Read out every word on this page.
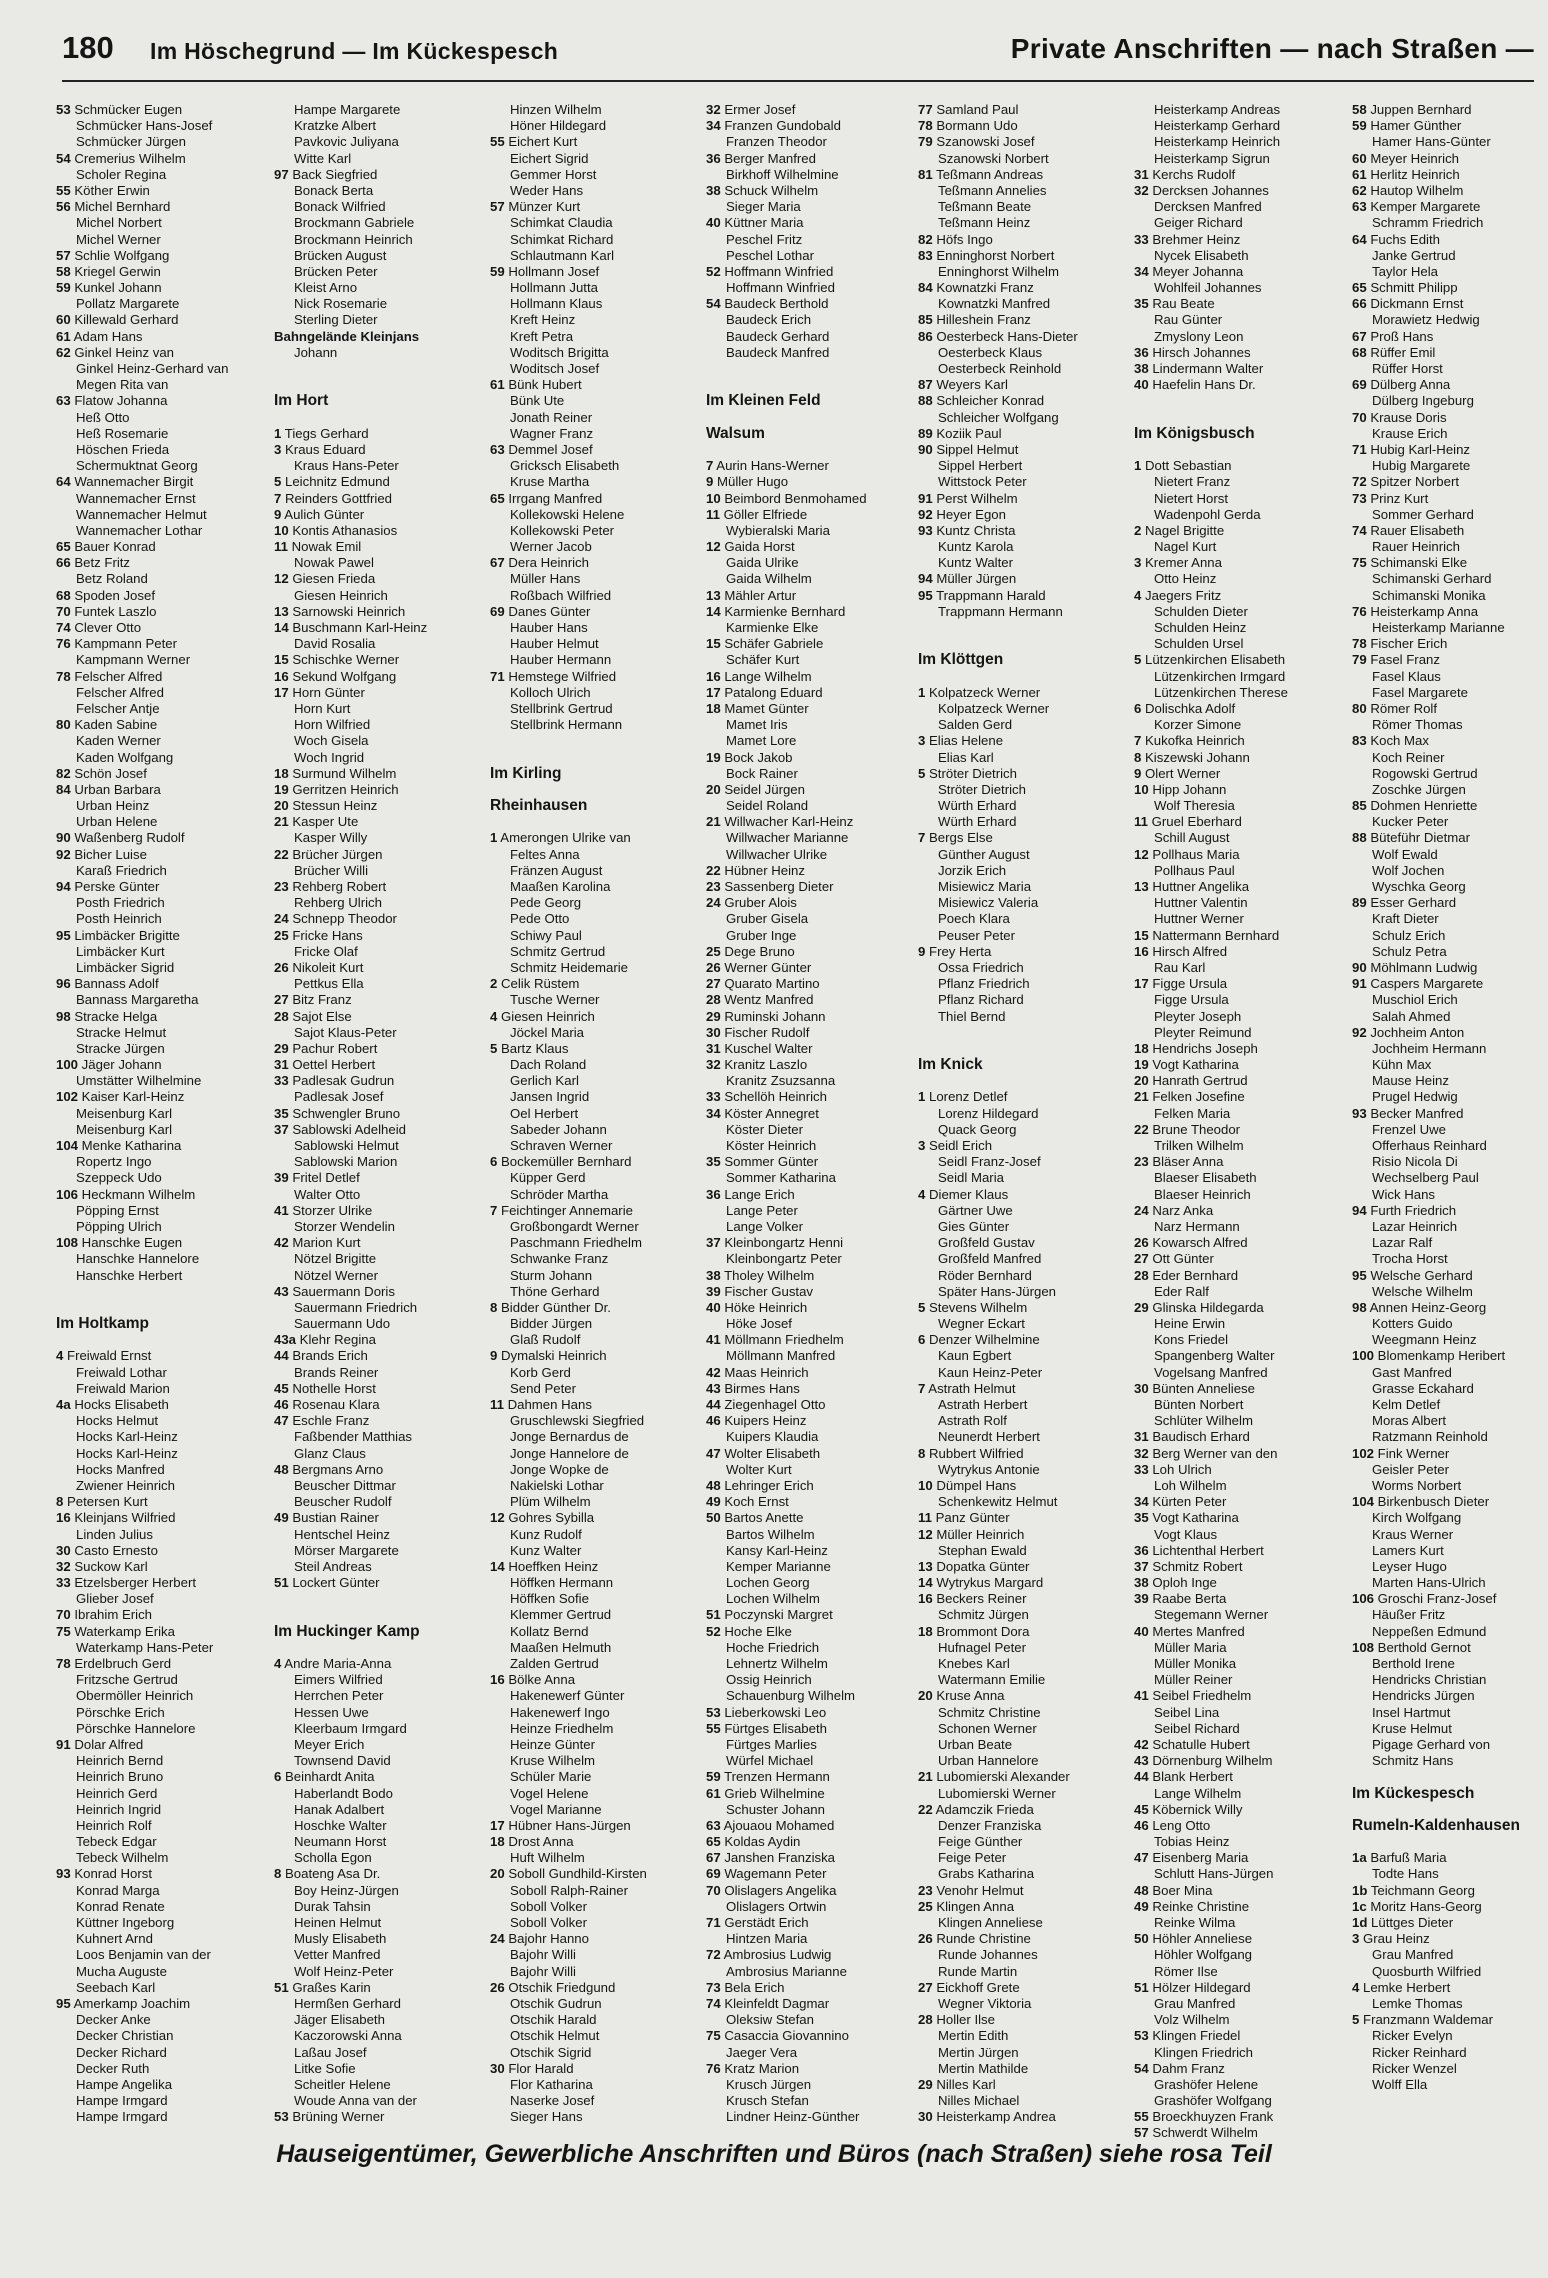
180 Im Höschegrund — Im Kückespesch	Private Anschriften — nach Straßen —
53 Schmücker Eugen
Schmücker Hans-Josef
Schmücker Jürgen
54 Cremerius Wilhelm
Scholer Regina
55 Köther Erwin
56 Michel Bernhard
Michel Norbert
Michel Werner
57 Schlie Wolfgang
58 Kriegel Gerwin
59 Kunkel Johann
Pollatz Margarete
60 Killewald Gerhard
61 Adam Hans
62 Ginkel Heinz van
Ginkel Heinz-Gerhard van
Megen Rita van
63 Flatow Johanna
Heß Otto
Heß Rosemarie
Höschen Frieda
Schermuktnat Georg
64 Wannemacher Birgit
Wannemacher Ernst
Wannemacher Helmut
Wannemacher Lothar
65 Bauer Konrad
66 Betz Fritz
Betz Roland
68 Spoden Josef
70 Funtek Laszlo
74 Clever Otto
76 Kampmann Peter
Kampmann Werner
78 Felscher Alfred
Felscher Alfred
Felscher Antje
80 Kaden Sabine
Kaden Werner
Kaden Wolfgang
82 Schön Josef
84 Urban Barbara
Urban Heinz
Urban Helene
90 Waßenberg Rudolf
92 Bicher Luise
Karaß Friedrich
94 Perske Günter
Posth Friedrich
Posth Heinrich
95 Limbäcker Brigitte
Limbäcker Kurt
Limbäcker Sigrid
96 Bannass Adolf
Bannass Margaretha
98 Stracke Helga
Stracke Helmut
Stracke Jürgen
100 Jäger Johann
Umstätter Wilhelmine
102 Kaiser Karl-Heinz
Meisenburg Karl
Meisenburg Karl
104 Menke Katharina
Ropertz Ingo
Szeppeck Udo
106 Heckmann Wilhelm
Pöpping Ernst
Pöpping Ulrich
108 Hanschke Eugen
Hanschke Hannelore
Hanschke Herbert
Im Holtkamp
4 Freiwald Ernst
Freiwald Lothar
Freiwald Marion
4a Hocks Elisabeth
Hocks Helmut
Hocks Karl-Heinz
Hocks Karl-Heinz
Hocks Manfred
Zwiener Heinrich
8 Petersen Kurt
16 Kleinjans Wilfried
Linden Julius
30 Casto Ernesto
32 Suckow Karl
33 Etzelsberger Herbert
Glieber Josef
70 Ibrahim Erich
75 Waterkamp Erika
Waterkamp Hans-Peter
78 Erdelbruch Gerd
Fritzsche Gertrud
Obermöller Heinrich
Pörschke Erich
Pörschke Hannelore
91 Dolar Alfred
Heinrich Bernd
Heinrich Bruno
Heinrich Gerd
Heinrich Ingrid
Heinrich Rolf
Tebeck Edgar
Tebeck Wilhelm
93 Konrad Horst
Konrad Marga
Konrad Renate
Küttner Ingeborg
Kuhnert Arnd
Loos Benjamin van der
Mucha Auguste
Seebach Karl
95 Amerkamp Joachim
Decker Anke
Decker Christian
Decker Richard
Decker Ruth
Hampe Angelika
Hampe Irmgard
Hampe Irmgard
Hampe Margarete
Kratzke Albert
Pavkovic Juliyana
Witte Karl
97 Back Siegfried
Bonack Berta
Bonack Wilfried
Brockmann Gabriele
Brockmann Heinrich
Brücken August
Brücken Peter
Kleist Arno
Nick Rosemarie
Sterling Dieter
Bahngelände Kleinjans
Johann
Im Hort
1 Tiegs Gerhard
3 Kraus Eduard
Kraus Hans-Peter
5 Leichnitz Edmund
7 Reinders Gottfried
9 Aulich Günter
10 Kontis Athanasios
11 Nowak Emil
Nowak Pawel
12 Giesen Frieda
Giesen Heinrich
13 Sarnowski Heinrich
14 Buschmann Karl-Heinz
David Rosalia
15 Schischke Werner
16 Sekund Wolfgang
17 Horn Günter
Horn Kurt
Horn Wilfried
Woch Gisela
Woch Ingrid
18 Surmund Wilhelm
19 Gerritzen Heinrich
20 Stessun Heinz
21 Kasper Ute
Kasper Willy
22 Brücher Jürgen
Brücher Willi
23 Rehberg Robert
Rehberg Ulrich
24 Schnepp Theodor
25 Fricke Hans
Fricke Olaf
26 Nikoleit Kurt
Pettkus Ella
27 Bitz Franz
28 Sajot Else
Sajot Klaus-Peter
29 Pachur Robert
31 Oettel Herbert
33 Padlesak Gudrun
Padlesak Josef
35 Schwengler Bruno
37 Sablowski Adelheid
Sablowski Helmut
Sablowski Marion
39 Fritel Detlef
Walter Otto
41 Storzer Ulrike
Storzer Wendelin
42 Marion Kurt
Nötzel Brigitte
Nötzel Werner
43 Sauermann Doris
Sauermann Friedrich
Sauermann Udo
43a Klehr Regina
44 Brands Erich
Brands Reiner
45 Nothelle Horst
46 Rosenau Klara
47 Eschle Franz
Faßbender Matthias
Glanz Claus
48 Bergmans Arno
Beuscher Dittmar
Beuscher Rudolf
49 Bustian Rainer
Hentschel Heinz
Mörser Margarete
Steil Andreas
51 Lockert Günter
Im Huckinger Kamp
4 Andre Maria-Anna
Eimers Wilfried
Herrchen Peter
Hessen Uwe
Kleerbaum Irmgard
Meyer Erich
Townsend David
6 Beinhardt Anita
Haberlandt Bodo
Hanak Adalbert
Hoschke Walter
Neumann Horst
Scholla Egon
8 Boateng Asa Dr.
Boy Heinz-Jürgen
Durak Tahsin
Heinen Helmut
Musly Elisabeth
Vetter Manfred
Wolf Heinz-Peter
51 Graßes Karin
Hermßen Gerhard
Jäger Elisabeth
Kaczorowski Anna
Laßau Josef
Litke Sofie
Scheitler Helene
Woude Anna van der
53 Brüning Werner
Hinzen Wilhelm
Höner Hildegard
55 Eichert Kurt
Eichert Sigrid
Gemmer Horst
Weder Hans
57 Münzer Kurt
Schimkat Claudia
Schimkat Richard
Schlautmann Karl
59 Hollmann Josef
Hollmann Jutta
Hollmann Klaus
Kreft Heinz
Kreft Petra
Woditsch Brigitta
Woditsch Josef
61 Bünk Hubert
Bünk Ute
Jonath Reiner
Wagner Franz
63 Demmel Josef
Gricksch Elisabeth
Kruse Martha
65 Irrgang Manfred
Kollekowski Helene
Kollekowski Peter
Werner Jacob
67 Dera Heinrich
Müller Hans
Roßbach Wilfried
69 Danes Günter
Hauber Hans
Hauber Helmut
Hauber Hermann
71 Hemstege Wilfried
Kolloch Ulrich
Stellbrink Gertrud
Stellbrink Hermann
Im Kirling
Rheinhausen
1 Amerongen Ulrike van
Feltes Anna
Fränzen August
Maaßen Karolina
Pede Georg
Pede Otto
Schiwy Paul
Schmitz Gertrud
Schmitz Heidemarie
2 Celik Rüstem
Tusche Werner
4 Giesen Heinrich
Jöckel Maria
5 Bartz Klaus
Dach Roland
Gerlich Karl
Jansen Ingrid
Oel Herbert
Sabeder Johann
Schraven Werner
6 Bockemüller Bernhard
Küpper Gerd
Schröder Martha
7 Feichtinger Annemarie
Großbongardt Werner
Paschmann Friedhelm
Schwanke Franz
Sturm Johann
Thöne Gerhard
8 Bidder Günther Dr.
Bidder Jürgen
Glaß Rudolf
9 Dymalski Heinrich
Korb Gerd
Send Peter
11 Dahmen Hans
Gruschlewski Siegfried
Jonge Bernardus de
Jonge Hannelore de
Jonge Wopke de
Nakielski Lothar
Plüm Wilhelm
12 Gohres Sybilla
Kunz Rudolf
Kunz Walter
14 Hoeffken Heinz
Höffken Hermann
Höffken Sofie
Klemmer Gertrud
Kollatz Bernd
Maaßen Helmuth
Zalden Gertrud
16 Bölke Anna
Hakenewerf Günter
Hakenewerf Ingo
Heinze Friedhelm
Heinze Günter
Kruse Wilhelm
Schüler Marie
Vogel Helene
Vogel Marianne
17 Hübner Hans-Jürgen
18 Drost Anna
Huft Wilhelm
20 Soboll Gundhild-Kirsten
Soboll Ralph-Rainer
Soboll Volker
Soboll Volker
24 Bajohr Hanno
Bajohr Willi
Bajohr Willi
26 Otschik Friedgund
Otschik Gudrun
Otschik Harald
Otschik Helmut
Otschik Sigrid
30 Flor Harald
Flor Katharina
Naserke Josef
Sieger Hans
32 Ermer Josef
34 Franzen Gundobald
Franzen Theodor
36 Berger Manfred
Birkhoff Wilhelmine
38 Schuck Wilhelm
Sieger Maria
40 Küttner Maria
Peschel Fritz
Peschel Lothar
52 Hoffmann Winfried
Hoffmann Winfried
54 Baudeck Berthold
Baudeck Erich
Baudeck Gerhard
Baudeck Manfred
Im Kleinen Feld
Walsum
7 Aurin Hans-Werner
9 Müller Hugo
10 Beimbord Benmohamed
11 Göller Elfriede
Wybieralski Maria
12 Gaida Horst
Gaida Ulrike
Gaida Wilhelm
13 Mähler Artur
14 Karmienke Bernhard
Karmienke Elke
15 Schäfer Gabriele
Schäfer Kurt
16 Lange Wilhelm
17 Patalong Eduard
18 Mamet Günter
Mamet Iris
Mamet Lore
19 Bock Jakob
Bock Rainer
20 Seidel Jürgen
Seidel Roland
21 Willwacher Karl-Heinz
Willwacher Marianne
Willwacher Ulrike
22 Hübner Heinz
23 Sassenberg Dieter
24 Gruber Alois
Gruber Gisela
Gruber Inge
25 Dege Bruno
26 Werner Günter
27 Quarato Martino
28 Wentz Manfred
29 Ruminski Johann
30 Fischer Rudolf
31 Kuschel Walter
32 Kranitz Laszlo
Kranitz Zsuzsanna
33 Schellöh Heinrich
34 Köster Annegret
Köster Dieter
Köster Heinrich
35 Sommer Günter
Sommer Katharina
36 Lange Erich
Lange Peter
Lange Volker
37 Kleinbongartz Henni
Kleinbongartz Peter
38 Tholey Wilhelm
39 Fischer Gustav
40 Höke Heinrich
Höke Josef
41 Möllmann Friedhelm
Möllmann Manfred
42 Maas Heinrich
43 Birmes Hans
44 Ziegenhagel Otto
46 Kuipers Heinz
Kuipers Klaudia
47 Wolter Elisabeth
Wolter Kurt
48 Lehringer Erich
49 Koch Ernst
50 Bartos Anette
Bartos Wilhelm
Kansy Karl-Heinz
Kemper Marianne
Lochen Georg
Lochen Wilhelm
51 Poczynski Margret
52 Hoche Elke
Hoche Friedrich
Lehnertz Wilhelm
Ossig Heinrich
Schauenburg Wilhelm
53 Lieberkowski Leo
55 Fürtges Elisabeth
Fürtges Marlies
Würfel Michael
59 Trenzen Hermann
61 Grieb Wilhelmine
Schuster Johann
63 Ajouaou Mohamed
65 Koldas Aydin
67 Janshen Franziska
69 Wagemann Peter
70 Olislagers Angelika
Olislagers Ortwin
71 Gerstädt Erich
Hintzen Maria
72 Ambrosius Ludwig
Ambrosius Marianne
73 Bela Erich
74 Kleinfeldt Dagmar
Oleksiw Stefan
75 Casaccia Giovannino
Jaeger Vera
76 Kratz Marion
Krusch Jürgen
Krusch Stefan
Lindner Heinz-Günther
77 Samland Paul
78 Bormann Udo
79 Szanowski Josef
Szanowski Norbert
81 Teßmann Andreas
Teßmann Annelies
Teßmann Beate
Teßmann Heinz
82 Höfs Ingo
83 Enninghorst Norbert
Enninghorst Wilhelm
84 Kownatzki Franz
Kownatzki Manfred
85 Hilleshein Franz
86 Oesterbeck Hans-Dieter
Oesterbeck Klaus
Oesterbeck Reinhold
87 Weyers Karl
88 Schleicher Konrad
Schleicher Wolfgang
89 Koziik Paul
90 Sippel Helmut
Sippel Herbert
Wittstock Peter
91 Perst Wilhelm
92 Heyer Egon
93 Kuntz Christa
Kuntz Karola
Kuntz Walter
94 Müller Jürgen
95 Trappmann Harald
Trappmann Hermann
Im Klöttgen
1 Kolpatzeck Werner
Kolpatzeck Werner
Salden Gerd
3 Elias Helene
Elias Karl
5 Ströter Dietrich
Ströter Dietrich
Würth Erhard
Würth Erhard
7 Bergs Else
Günther August
Jorzik Erich
Misiewicz Maria
Misiewicz Valeria
Poech Klara
Peuser Peter
9 Frey Herta
Ossa Friedrich
Pflanz Friedrich
Pflanz Richard
Thiel Bernd
Im Knick
1 Lorenz Detlef
Lorenz Hildegard
Quack Georg
3 Seidl Erich
Seidl Franz-Josef
Seidl Maria
4 Diemer Klaus
Gärtner Uwe
Gies Günter
Großfeld Gustav
Großfeld Manfred
Röder Bernhard
Später Hans-Jürgen
5 Stevens Wilhelm
Wegner Eckart
6 Denzer Wilhelmine
Kaun Egbert
Kaun Heinz-Peter
7 Astrath Helmut
Astrath Herbert
Astrath Rolf
Neunerdt Herbert
8 Rubbert Wilfried
Wytrykus Antonie
10 Dümpel Hans
Schenkewitz Helmut
11 Panz Günter
12 Müller Heinrich
Stephan Ewald
13 Dopatka Günter
14 Wytrykus Margard
16 Beckers Reiner
Schmitz Jürgen
18 Brommont Dora
Hufnagel Peter
Knebes Karl
Watermann Emilie
20 Kruse Anna
Schmitz Christine
Schonen Werner
Urban Beate
Urban Hannelore
21 Lubomierski Alexander
Lubomierski Werner
22 Adamczik Frieda
Denzer Franziska
Feige Günther
Feige Peter
Grabs Katharina
23 Venohr Helmut
25 Klingen Anna
Klingen Anneliese
26 Runde Christine
Runde Johannes
Runde Martin
27 Eickhoff Grete
Wegner Viktoria
28 Holler Ilse
Mertin Edith
Mertin Jürgen
Mertin Mathilde
29 Nilles Karl
Nilles Michael
30 Heisterkamp Andrea
Heisterkamp Andreas
Heisterkamp Gerhard
Heisterkamp Heinrich
Heisterkamp Sigrun
31 Kerchs Rudolf
32 Dercksen Johannes
Dercksen Manfred
Geiger Richard
33 Brehmer Heinz
Nycek Elisabeth
34 Meyer Johanna
Wohlfeil Johannes
35 Rau Beate
Rau Günter
Zmyslony Leon
36 Hirsch Johannes
38 Lindermann Walter
40 Haefelin Hans Dr.
Im Königsbusch
1 Dott Sebastian
Nietert Franz
Nietert Horst
Wadenpohl Gerda
2 Nagel Brigitte
Nagel Kurt
3 Kremer Anna
Otto Heinz
4 Jaegers Fritz
Schulden Dieter
Schulden Heinz
Schulden Ursel
5 Lützenkirchen Elisabeth
Lützenkirchen Irmgard
Lützenkirchen Therese
6 Dolischka Adolf
Korzer Simone
7 Kukofka Heinrich
8 Kiszewski Johann
9 Olert Werner
10 Hipp Johann
Wolf Theresia
11 Gruel Eberhard
Schill August
12 Pollhaus Maria
Pollhaus Paul
13 Huttner Angelika
Huttner Valentin
Huttner Werner
15 Nattermann Bernhard
16 Hirsch Alfred
Rau Karl
17 Figge Ursula
Figge Ursula
Pleyter Joseph
Pleyter Reimund
18 Hendrichs Joseph
19 Vogt Katharina
20 Hanrath Gertrud
21 Felken Josefine
Felken Maria
22 Brune Theodor
Trilken Wilhelm
23 Bläser Anna
Blaeser Elisabeth
Blaeser Heinrich
24 Narz Anka
Narz Hermann
26 Kowarsch Alfred
27 Ott Günter
28 Eder Bernhard
Eder Ralf
29 Glinska Hildegarda
Heine Erwin
Kons Friedel
Spangenberg Walter
Vogelsang Manfred
30 Bünten Anneliese
Bünten Norbert
Schlüter Wilhelm
31 Baudisch Erhard
32 Berg Werner van den
33 Loh Ulrich
Loh Wilhelm
34 Kürten Peter
35 Vogt Katharina
Vogt Klaus
36 Lichtenthal Herbert
37 Schmitz Robert
38 Oploh Inge
39 Raabe Berta
Stegemann Werner
40 Mertes Manfred
Müller Maria
Müller Monika
Müller Reiner
41 Seibel Friedhelm
Seibel Lina
Seibel Richard
42 Schatulle Hubert
43 Dörnenburg Wilhelm
44 Blank Herbert
Lange Wilhelm
45 Köbernick Willy
46 Leng Otto
Tobias Heinz
47 Eisenberg Maria
Schlutt Hans-Jürgen
48 Boer Mina
49 Reinke Christine
Reinke Wilma
50 Höhler Anneliese
Höhler Wolfgang
Römer Ilse
51 Hölzer Hildegard
Grau Manfred
Volz Wilhelm
53 Klingen Friedel
Klingen Friedrich
54 Dahm Franz
Grashöfer Helene
Grashöfer Wolfgang
55 Broeckhuyzen Frank
57 Schwerdt Wilhelm
58 Juppen Bernhard
59 Hamer Günther
Hamer Hans-Günter
60 Meyer Heinrich
61 Herlitz Heinrich
62 Hautop Wilhelm
63 Kemper Margarete
Schramm Friedrich
64 Fuchs Edith
Janke Gertrud
Taylor Hela
65 Schmitt Philipp
66 Dickmann Ernst
Morawietz Hedwig
67 Proß Hans
68 Rüffer Emil
Rüffer Horst
69 Dülberg Anna
Dülberg Ingeburg
70 Krause Doris
Krause Erich
71 Hubig Karl-Heinz
Hubig Margarete
72 Spitzer Norbert
73 Prinz Kurt
Sommer Gerhard
74 Rauer Elisabeth
Rauer Heinrich
75 Schimanski Elke
Schimanski Gerhard
Schimanski Monika
76 Heisterkamp Anna
Heisterkamp Marianne
78 Fischer Erich
79 Fasel Franz
Fasel Klaus
Fasel Margarete
80 Römer Rolf
Römer Thomas
83 Koch Max
Koch Reiner
Rogowski Gertrud
Zoschke Jürgen
85 Dohmen Henriette
Kucker Peter
88 Büteführ Dietmar
Wolf Ewald
Wolf Jochen
Wyschka Georg
89 Esser Gerhard
Kraft Dieter
Schulz Erich
Schulz Petra
90 Möhlmann Ludwig
91 Caspers Margarete
Muschiol Erich
Salah Ahmed
92 Jochheim Anton
Jochheim Hermann
Kühn Max
Mause Heinz
Prugel Hedwig
93 Becker Manfred
Frenzel Uwe
Offerhaus Reinhard
Risio Nicola Di
Wechselberg Paul
Wick Hans
94 Furth Friedrich
Lazar Heinrich
Lazar Ralf
Trocha Horst
95 Welsche Gerhard
Welsche Wilhelm
98 Annen Heinz-Georg
Kotters Guido
Weegmann Heinz
100 Blomenkamp Heribert
Gast Manfred
Grasse Eckahard
Kelm Detlef
Moras Albert
Ratzmann Reinhold
102 Fink Werner
Geisler Peter
Worms Norbert
104 Birkenbusch Dieter
Kirch Wolfgang
Kraus Werner
Lamers Kurt
Leyser Hugo
Marten Hans-Ulrich
106 Groschi Franz-Josef
Häußer Fritz
Neppeßen Edmund
108 Berthold Gernot
Berthold Irene
Hendricks Christian
Hendricks Jürgen
Insel Hartmut
Kruse Helmut
Pigage Gerhard von
Schmitz Hans
Im Kückespesch
Rumeln-Kaldenhausen
1a Barfuß Maria
Todte Hans
1b Teichmann Georg
1c Moritz Hans-Georg
1d Lüttges Dieter
3 Grau Heinz
Grau Manfred
Quosburth Wilfried
4 Lemke Herbert
Lemke Thomas
5 Franzmann Waldemar
Ricker Evelyn
Ricker Reinhard
Ricker Wenzel
Wolff Ella
Hauseigentümer, Gewerbliche Anschriften und Büros (nach Straßen) siehe rosa Teil
